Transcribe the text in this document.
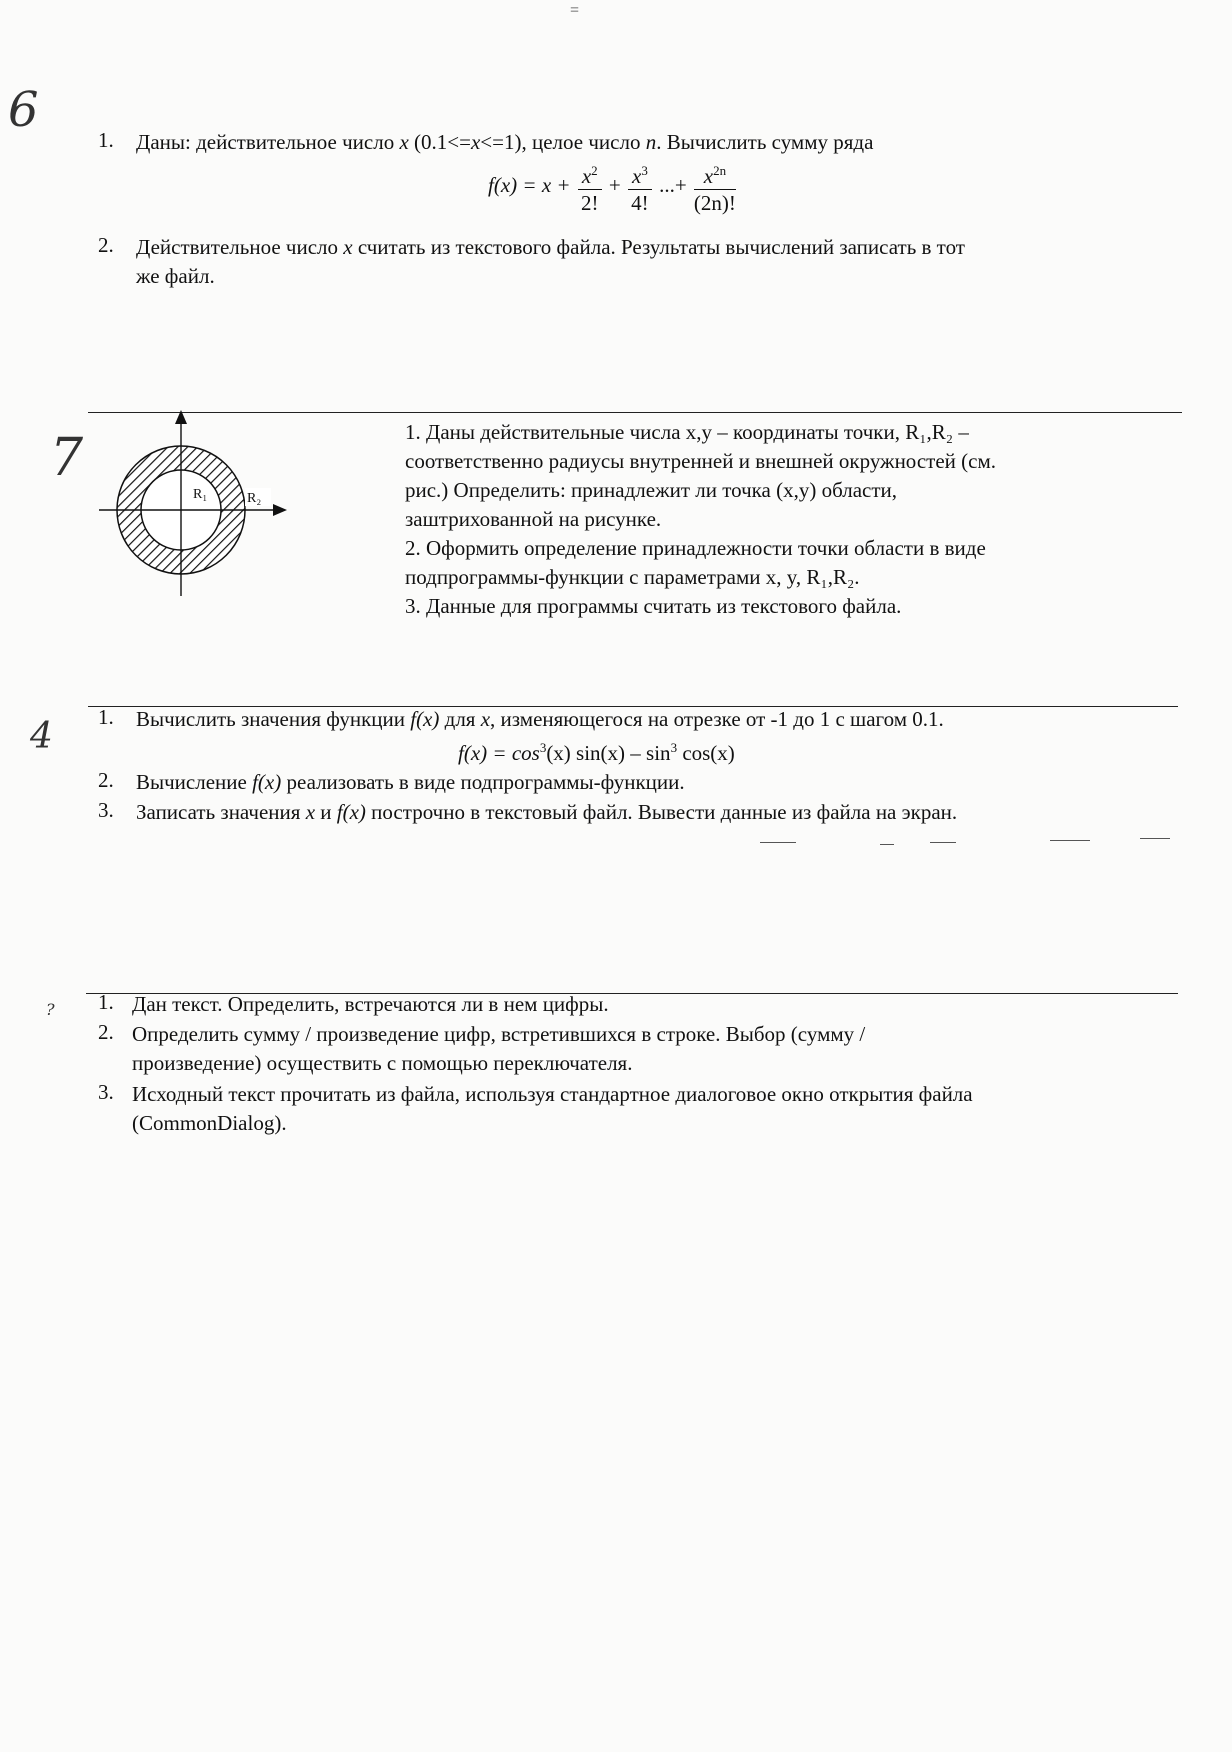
=
6
1. Даны: действительное число x (0.1<=x<=1), целое число n. Вычислить сумму ряда
$f(x) = x + \frac{x^2}{2!} + \frac{x^3}{4!}$ ...+ $\frac{x^{2n}}{(2n)!}$
2. Действительное число x считать из текстового файла. Результаты вычислений записать в тот
же файл.
7
R₁	R₂
1. Даны действительные числа x,y – координаты точки, R₁,R₂ –
соответственно радиусы внутренней и внешней окружностей (см.
рис.) Определить: принадлежит ли точка (x,y) области,
заштрихованной на рисунке.
2. Оформить определение принадлежности точки области в виде
подпрограммы-функции с параметрами x, y, R₁,R₂.
3. Данные для программы считать из текстового файла.
4 1. Вычислить значения функции f(x) для x, изменяющегося на отрезке от -1 до 1 с шагом 0.1.
$f(x) = \cos^3(x)$ $\sin(x) - \sin^3 \cos(x)$
2. Вычисление f(x) реализовать в виде подпрограммы-функции.
3. Записать значения x и f(x) построчно в текстовый файл. Вывести данные из файла на экран.
? 1. Дан текст. Определить, встречаются ли в нем цифры.
2. Определить сумму / произведение цифр, встретившихся в строке. Выбор (сумму /
произведение) осуществить с помощью переключателя.
3. Исходный текст прочитать из файла, используя стандартное диалоговое окно открытия файла
(CommonDialog).
